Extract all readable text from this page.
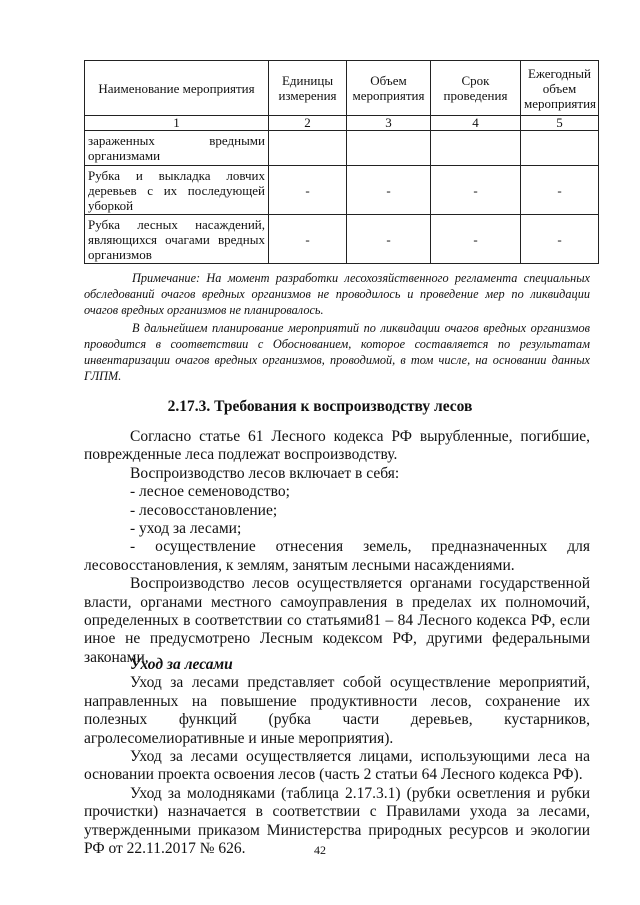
Наименование мероприятия	Единицы измерения	Объем мероприятия	Срок проведения	Ежегодный объем мероприятия
1	2	3	4	5
зараженных вредными организмами				
Рубка и выкладка ловчих деревьев с их последующей уборкой	-	-	-	-
Рубка лесных насаждений, являющихся очагами вредных организмов	-	-	-	-

Примечание: На момент разработки лесохозяйственного регламента специальных обследований очагов вредных организмов не проводилось и проведение мер по ликвидации очагов вредных организмов не планировалось.

В дальнейшем планирование мероприятий по ликвидации очагов вредных организмов проводится в соответствии с Обоснованием, которое составляется по результатам инвентаризации очагов вредных организмов, проводимой, в том числе, на основании данных ГЛПМ.

2.17.3. Требования к воспроизводству лесов

Согласно статье 61 Лесного кодекса РФ вырубленные, погибшие, поврежденные леса подлежат воспроизводству.

Воспроизводство лесов включает в себя:

- лесное семеноводство;

- лесовосстановление;

- уход за лесами;

- осуществление отнесения земель, предназначенных для

лесовосстановления, к землям, занятым лесными насаждениями.

Воспроизводство лесов осуществляется органами государственной власти, органами местного самоуправления в пределах их полномочий, определенных в соответствии со статьями81 – 84 Лесного кодекса РФ, если иное не предусмотрено Лесным кодексом РФ, другими федеральными законами.

Уход за лесами

Уход за лесами представляет собой осуществление мероприятий, направленных на повышение продуктивности лесов, сохранение их полезных функций (рубка части деревьев, кустарников, агролесомелиоративные и иные мероприятия).

Уход за лесами осуществляется лицами, использующими леса на основании проекта освоения лесов (часть 2 статьи 64 Лесного кодекса РФ).

Уход за молодняками (таблица 2.17.3.1) (рубки осветления и рубки прочистки) назначается в соответствии с Правилами ухода за лесами, утвержденными приказом Министерства природных ресурсов и экологии РФ от 22.11.2017 № 626.	42
